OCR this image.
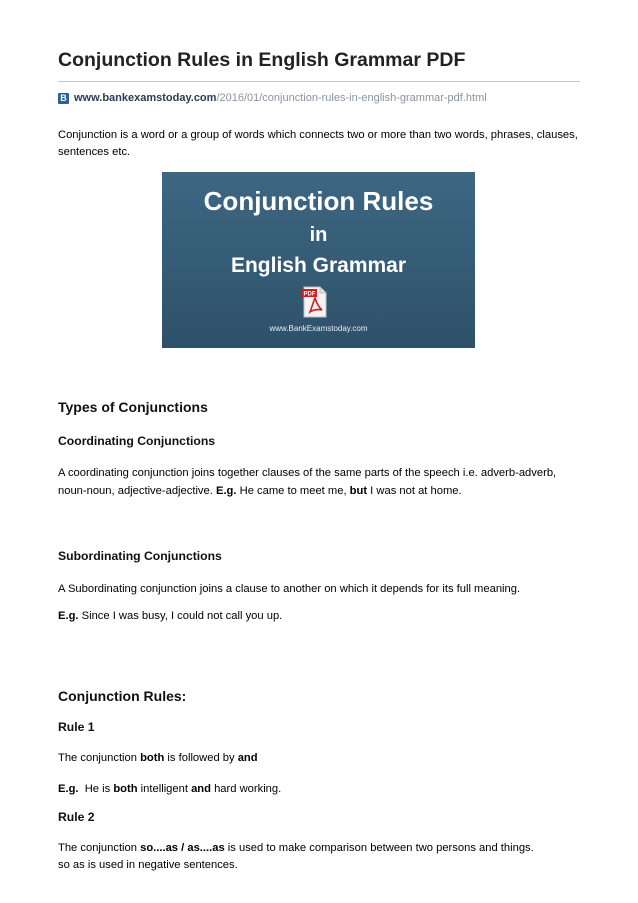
Conjunction Rules in English Grammar PDF
B www.bankexamstoday.com /2016/01/conjunction-rules-in-english-grammar-pdf.html

Conjunction is a word or a group of words which connects two or more than two words, phrases, clauses, sentences etc.

Conjunction Rules
in
English Grammar
PDF
www.BankExamstoday.com
Types of Conjunctions
Coordinating Conjunctions

A coordinating conjunction joins together clauses of the same parts of the speech i.e. adverb-adverb,

noun-noun, adjective-adjective. E.g. He came to meet me, but I was not at home.

Subordinating Conjunctions

A Subordinating conjunction joins a clause to another on which it depends for its full meaning.

E.g. Since I was busy, I could not call you up.

Conjunction Rules:
Rule 1

The conjunction both is followed by and

E.g.  He is both intelligent and hard working.

Rule 2

The conjunction so....as / as....as is used to make comparison between two persons and things.

so as is used in negative sentences.
